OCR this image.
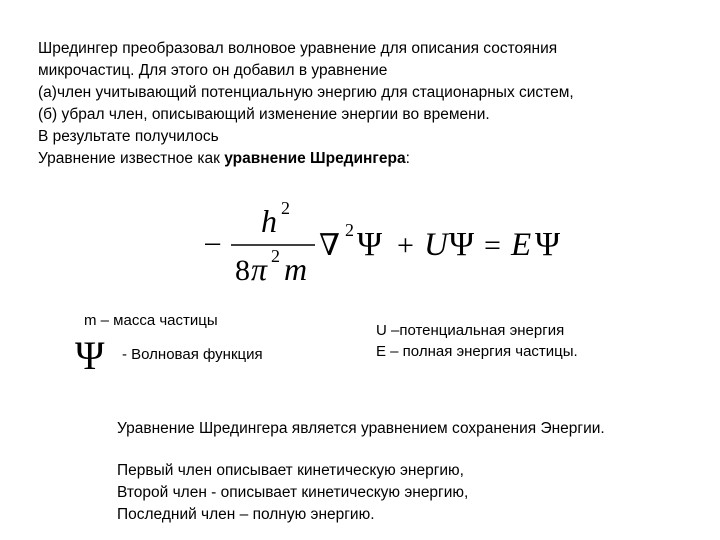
Шредингер преобразовал волновое уравнение для описания состояния
микрочастиц. Для этого он добавил в уравнение
(а)член учитывающий потенциальную энергию для стационарных систем,
(б) убрал член, описывающий изменение энергии во времени.
В результате получилось
Уравнение известное как уравнение Шредингера:
–
h 2
8 π 2 m
∇ 2 Ψ + U Ψ = E Ψ
m – масса частицы
Ψ - Волновая функция
U –потенциальная энергия
E – полная энергия частицы.
Уравнение Шредингера является уравнением сохранения Энергии.
Первый член описывает кинетическую энергию,
Второй член - описывает кинетическую энергию,
Последний член – полную энергию.
